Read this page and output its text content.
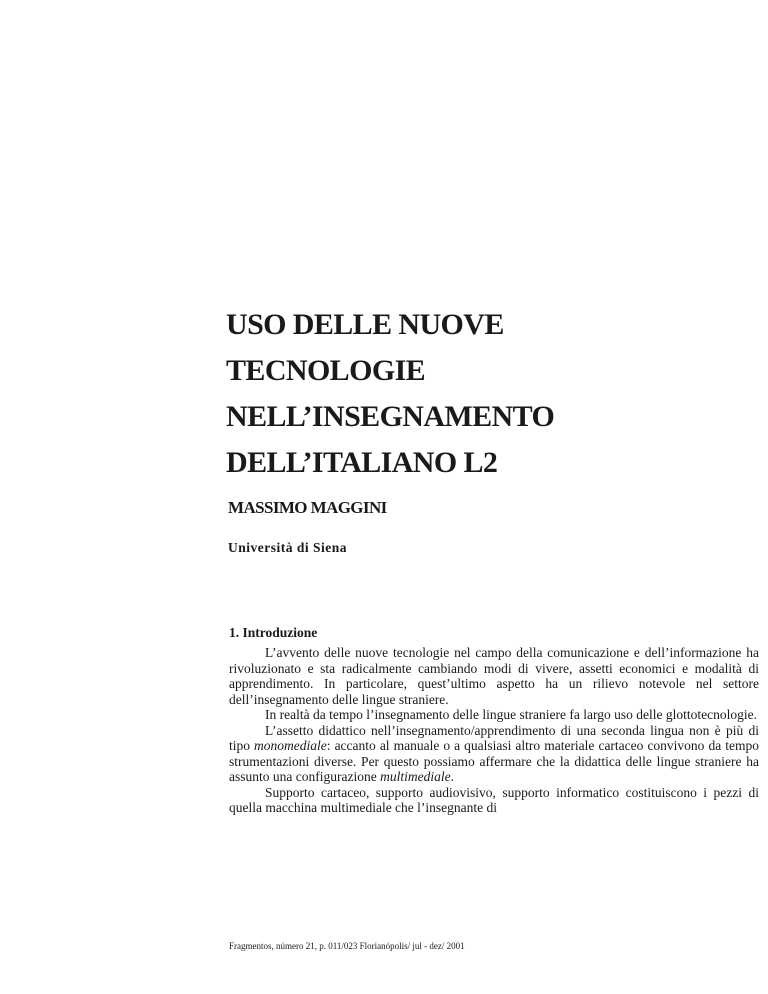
USO DELLE NUOVE
TECNOLOGIE
NELL’INSEGNAMENTO
DELL’ITALIANO L2
MASSIMO MAGGINI
Università di Siena
1. Introduzione

L’avvento delle nuove tecnologie nel campo della comunicazione e dell’informazione ha rivoluzionato e sta radicalmente cambiando modi di vivere, assetti economici e modalità di apprendimento. In particolare, quest’ultimo aspetto ha un rilievo notevole nel settore dell’insegnamento delle lingue straniere.

In realtà da tempo l’insegnamento delle lingue straniere fa largo uso delle glottotecnologie.

L’assetto didattico nell’insegnamento/apprendimento di una seconda lingua non è più di tipo monomediale: accanto al manuale o a qualsiasi altro materiale cartaceo convivono da tempo strumentazioni diverse. Per questo possiamo affermare che la didattica delle lingue straniere ha assunto una configurazione multimediale.

Supporto cartaceo, supporto audiovisivo, supporto informatico costituiscono i pezzi di quella macchina multimediale che l’insegnante di

Fragmentos, número 21, p. 011/023 Florianópolis/ jul - dez/ 2001
